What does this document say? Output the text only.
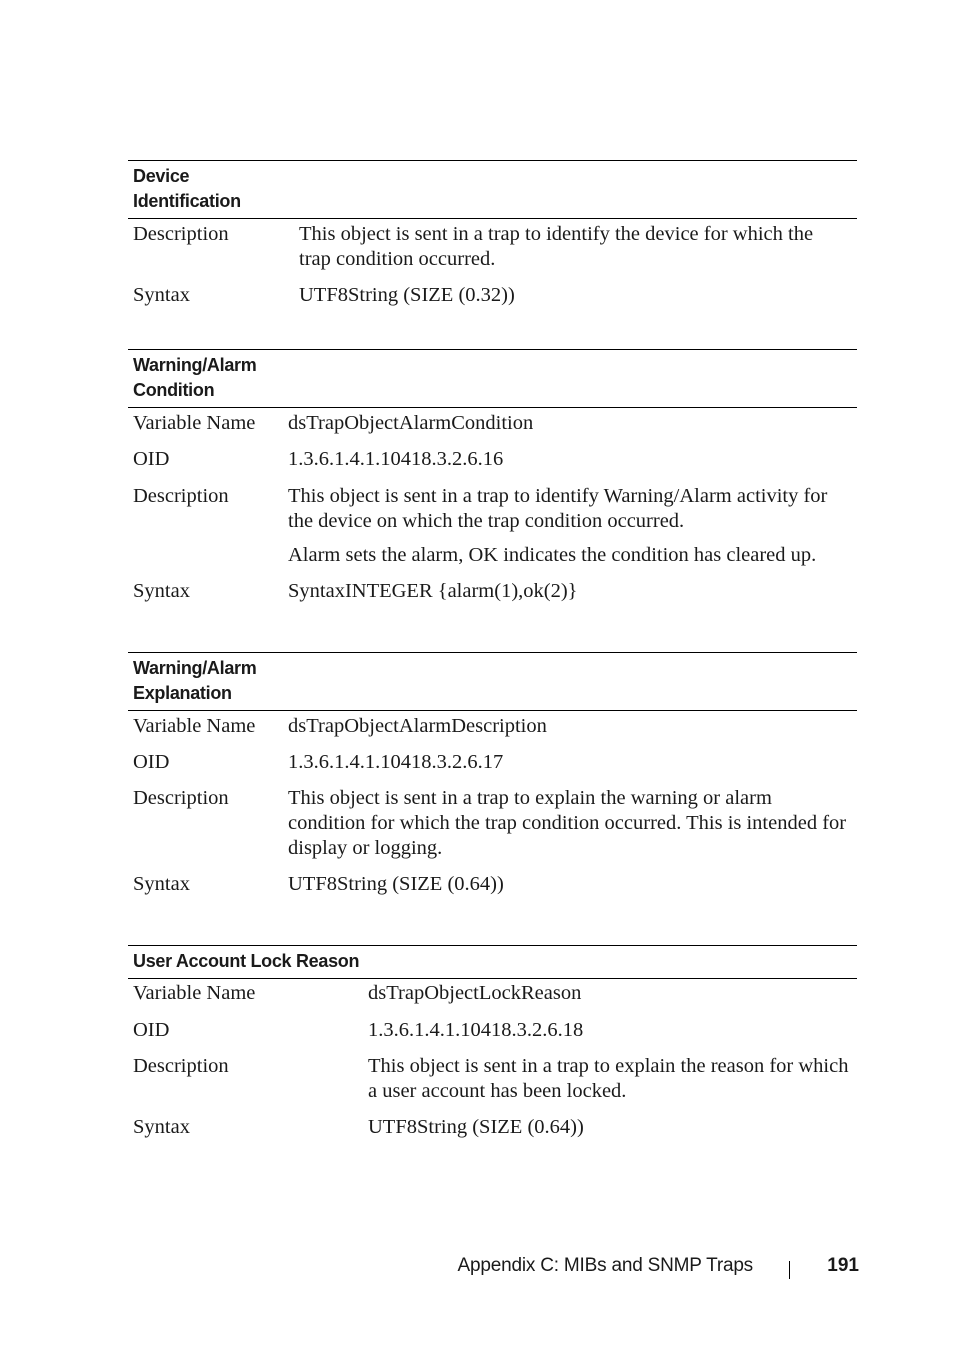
Device
Identification
Description	This object is sent in a trap to identify the device for which the trap condition occurred.

Syntax	UTF8String (SIZE (0.32))

Warning/Alarm
Condition
Variable Name	dsTrapObjectAlarmCondition

OID	1.3.6.1.4.1.10418.3.2.6.16

Description	This object is sent in a trap to identify Warning/Alarm activity for the device on which the trap condition occurred.

Alarm sets the alarm, OK indicates the condition has cleared up.

Syntax	SyntaxINTEGER {alarm(1),ok(2)}

Warning/Alarm
Explanation
Variable Name	dsTrapObjectAlarmDescription

OID	1.3.6.1.4.1.10418.3.2.6.17

Description	This object is sent in a trap to explain the warning or alarm condition for which the trap condition occurred. This is intended for display or logging.

Syntax	UTF8String (SIZE (0.64))

User Account Lock Reason
Variable Name	dsTrapObjectLockReason

OID	1.3.6.1.4.1.10418.3.2.6.18

Description	This object is sent in a trap to explain the reason for which a user account has been locked.

Syntax	UTF8String (SIZE (0.64))

Appendix C: MIBs and SNMP Traps	191
